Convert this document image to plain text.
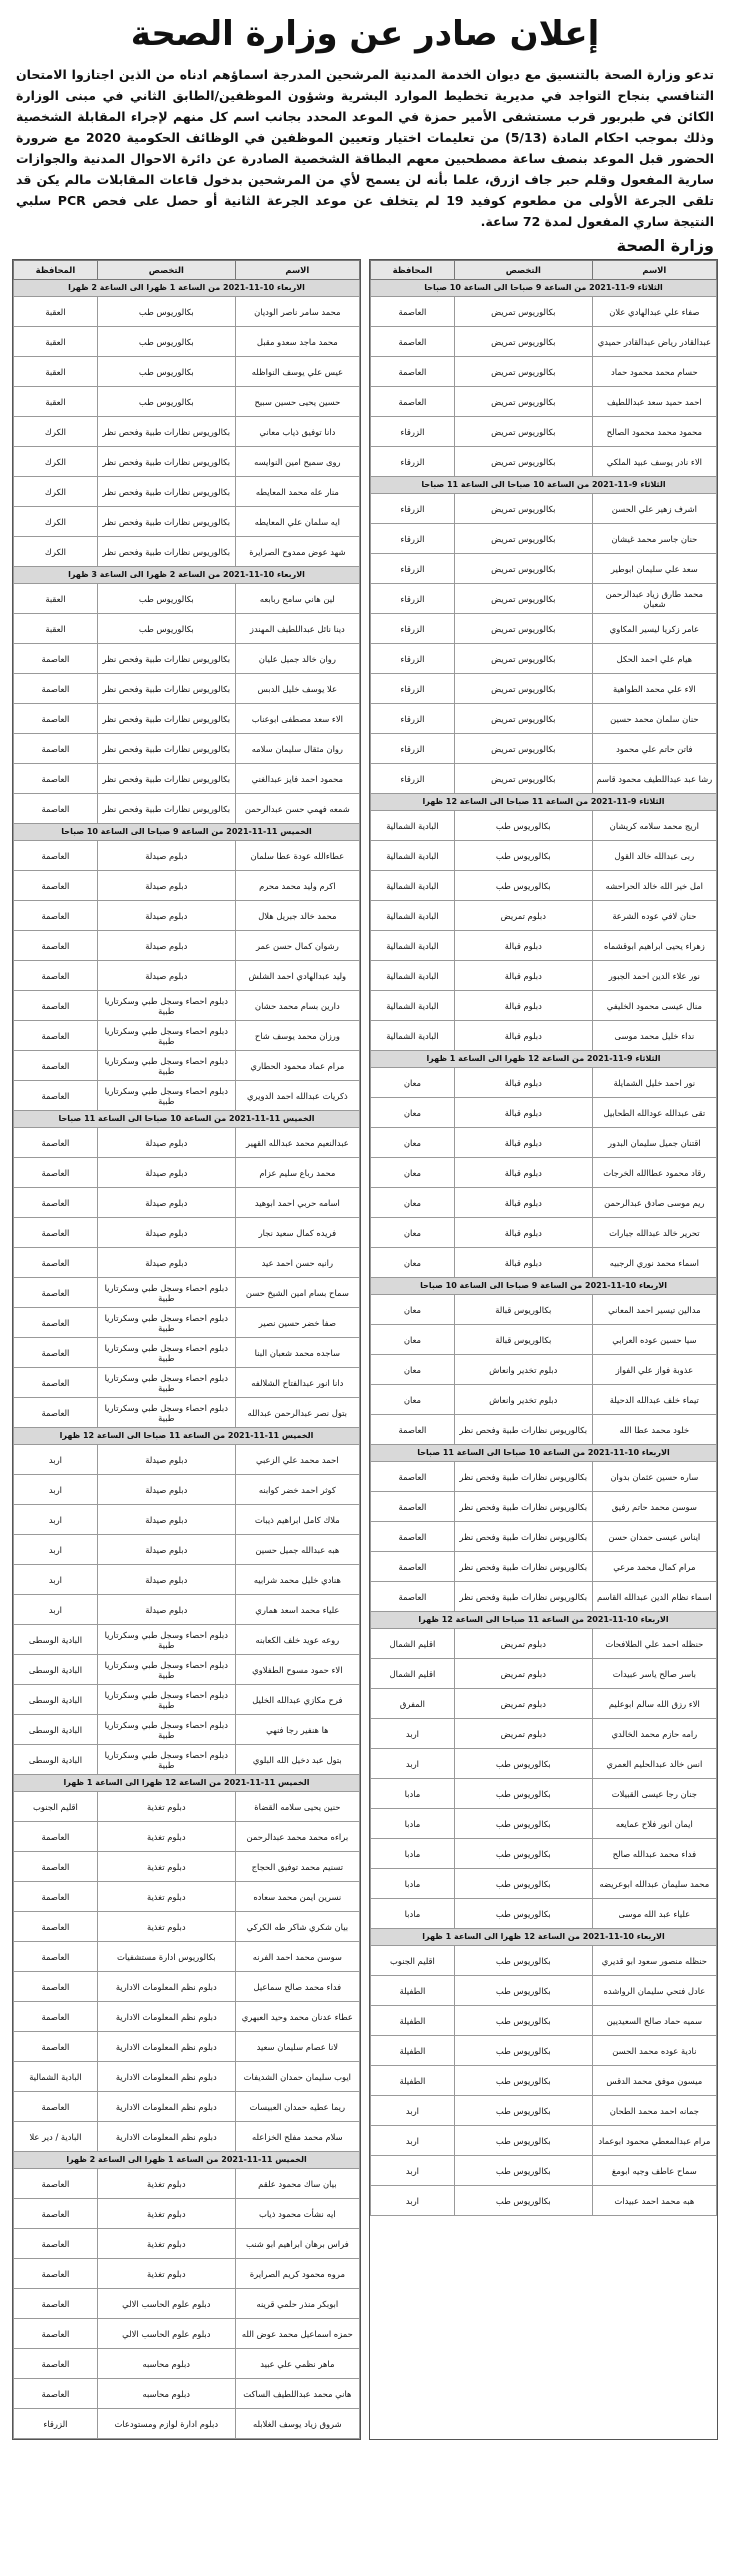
إعلان صادر عن وزارة الصحة
تدعو وزارة الصحة بالتنسيق مع ديوان الخدمة المدنية المرشحين المدرجة اسماؤهم ادناه من الذين اجتازوا الامتحان التنافسي بنجاح التواجد في مديرية تخطيط الموارد البشرية وشؤون الموظفين/الطابق الثاني في مبنى الوزارة الكائن في طبربور قرب مستشفى الأمير حمزة في الموعد المحدد بجانب اسم كل منهم لإجراء المقابلة الشخصية وذلك بموجب احكام المادة (5/13) من تعليمات اختيار وتعيين الموظفين في الوظائف الحكومية 2020 مع ضرورة الحضور قبل الموعد بنصف ساعة مصطحبين معهم البطاقة الشخصية الصادرة عن دائرة الاحوال المدنية والجوازات سارية المفعول وقلم حبر جاف ازرق، علما بأنه لن يسمح لأي من المرشحين بدخول قاعات المقابلات مالم يكن قد تلقى الجرعة الأولى من مطعوم كوفيد 19 لم يتخلف عن موعد الجرعة الثانية أو حصل على فحص PCR سلبي النتيجة ساري المفعول لمدة 72 ساعة.
وزارة الصحة
الاسم	التخصص	المحافظة
الثلاثاء 9-11-2021 من الساعة 9 صباحا الى الساعة 10 صباحا		
صفاء علي عبدالهادي علان	بكالوريوس تمريض	العاصمة
عبدالقادر رياض عبدالقادر حميدي	بكالوريوس تمريض	العاصمة
حسام محمد محمود حماد	بكالوريوس تمريض	العاصمة
احمد حميد سعد عبداللطيف	بكالوريوس تمريض	العاصمة
محمود محمد محمود الصالح	بكالوريوس تمريض	الزرقاء
الاء نادر يوسف عبيد الملكي	بكالوريوس تمريض	الزرقاء
الثلاثاء 9-11-2021 من الساعة 10 صباحا الى الساعة 11 صباحا		
اشرف زهير علي الحسن	بكالوريوس تمريض	الزرقاء
حنان جاسر محمد غيشان	بكالوريوس تمريض	الزرقاء
سعد علي سليمان ابوطير	بكالوريوس تمريض	الزرقاء
محمد طارق زياد عبدالرحمن شعبان	بكالوريوس تمريض	الزرقاء
عامر زكريا ليسير المكاوي	بكالوريوس تمريض	الزرقاء
هيام علي احمد الحكل	بكالوريوس تمريض	الزرقاء
الاء علي محمد الطواهية	بكالوريوس تمريض	الزرقاء
حنان سلمان محمد حسين	بكالوريوس تمريض	الزرقاء
فاتن حاتم علي محمود	بكالوريوس تمريض	الزرقاء
رشا عبد عبداللطيف محمود قاسم	بكالوريوس تمريض	الزرقاء
الثلاثاء 9-11-2021 من الساعة 11 صباحا الى الساعة 12 ظهرا		
اريج محمد سلامه كريشان	بكالوريوس طب	البادية الشمالية
ربى عبدالله خالد القول	بكالوريوس طب	البادية الشمالية
امل خير الله خالد الحراحشه	بكالوريوس طب	البادية الشمالية
حنان لافي عوده الشرعة	دبلوم تمريض	البادية الشمالية
زهراء يحيى ابراهيم ابوقشماه	دبلوم قبالة	البادية الشمالية
نور علاء الدين احمد الجبور	دبلوم قبالة	البادية الشمالية
منال عيسى محمود الخليفي	دبلوم قبالة	البادية الشمالية
نداء خليل محمد موسى	دبلوم قبالة	البادية الشمالية
الثلاثاء 9-11-2021 من الساعة 12 ظهرا الى الساعة 1 ظهرا		
نور احمد خليل الشمايلة	دبلوم قبالة	معان
تقى عبدالله عودالله الطحابيل	دبلوم قبالة	معان
اقتنان جميل سليمان البدور	دبلوم قبالة	معان
رقاد محمود عطاالله الخرجات	دبلوم قبالة	معان
ريم موسى صادق عبدالرحمن	دبلوم قبالة	معان
تحرير خالد عبدالله جبارات	دبلوم قبالة	معان
اسماء محمد نوري الرجبيه	دبلوم قبالة	معان
الاربعاء 10-11-2021 من الساعة 9 صباحا الى الساعة 10 صباحا		
مدالين تيسير احمد المعاني	بكالوريوس قبالة	معان
سيا حسين عوده العرابي	بكالوريوس قبالة	معان
عذوبة فواز علي الفواز	دبلوم تخدير وانعاش	معان
تيماء خلف عبدالله الدحيلة	دبلوم تخدير وانعاش	معان
خلود محمد عطا الله	بكالوريوس نظارات طبية وفحص نظر	العاصمة
الاربعاء 10-11-2021 من الساعة 10 صباحا الى الساعة 11 صباحا		
ساره حسين عثمان بدوان	بكالوريوس نظارات طبية وفحص نظر	العاصمة
سوسن محمد حاتم رفيق	بكالوريوس نظارات طبية وفحص نظر	العاصمة
ايناس عيسى حمدان حسن	بكالوريوس نظارات طبية وفحص نظر	العاصمة
مرام كمال محمد مرعي	بكالوريوس نظارات طبية وفحص نظر	العاصمة
اسماء نظام الدين عبدالله القاسم	بكالوريوس نظارات طبية وفحص نظر	العاصمة
الاربعاء 10-11-2021 من الساعة 11 صباحا الى الساعة 12 ظهرا		
حنظله احمد علي الطلافحات	دبلوم تمريض	اقليم الشمال
باسر صالح ياسر عبيدات	دبلوم تمريض	اقليم الشمال
الاء رزق الله سالم ابوعليم	دبلوم تمريض	المفرق
رامه حازم محمد الخالدي	دبلوم تمريض	اربد
انس خالد عبدالحليم العمري	بكالوريوس طب	اربد
جنان رجا عيسى القبيلات	بكالوريوس طب	مادبا
ايمان انور فلاح عمايعه	بكالوريوس طب	مادبا
فداء محمد عبدالله صالح	بكالوريوس طب	مادبا
محمد سليمان عبدالله ابوعريضه	بكالوريوس طب	مادبا
علياء عبد الله موسى	بكالوريوس طب	مادبا
الاربعاء 10-11-2021 من الساعة 12 ظهرا الى الساعة 1 ظهرا		
حنظله منصور سعود ابو قديري	بكالوريوس طب	اقليم الجنوب
عادل فتحي سليمان الرواشده	بكالوريوس طب	الطفيلة
سميه حماد صالح السعيديين	بكالوريوس طب	الطفيلة
نادية عوده محمد الحسن	بكالوريوس طب	الطفيلة
ميسون موفق محمد الدقس	بكالوريوس طب	الطفيلة
جمانه احمد محمد الطحان	بكالوريوس طب	اربد
مرام عبدالمعطي محمود ابوعماد	بكالوريوس طب	اربد
سماح عاطف وجيه ابومغ	بكالوريوس طب	اربد
هبه محمد احمد عبيدات	بكالوريوس طب	اربد
الاسم	التخصص	المحافظة
الاربعاء 10-11-2021 من الساعة 1 ظهرا الى الساعة 2 ظهرا		
محمد سامر ناصر الوديان	بكالوريوس طب	العقبة
محمد ماجد سعدو مقبل	بكالوريوس طب	العقبة
عيس علي يوسف النواظله	بكالوريوس طب	العقبة
حسين يحيى حسين سبيح	بكالوريوس طب	العقبة
دانا توفيق ذياب معاني	بكالوريوس نظارات طبية وفحص نظر	الكرك
روى سميح امين النوايسه	بكالوريوس نظارات طبية وفحص نظر	الكرك
منار عله محمد المعايطه	بكالوريوس نظارات طبية وفحص نظر	الكرك
ايه سلمان علي المعايطه	بكالوريوس نظارات طبية وفحص نظر	الكرك
شهد عوض ممدوح الصرايرة	بكالوريوس نظارات طبية وفحص نظر	الكرك
الاربعاء 10-11-2021 من الساعة 2 ظهرا الى الساعة 3 ظهرا		
لين هاني سامح ربابعه	بكالوريوس طب	العقبة
دينا نائل عبداللطيف المهندز	بكالوريوس طب	العقبة
روان خالد جميل عليان	بكالوريوس نظارات طبية وفحص نظر	العاصمة
علا يوسف خليل الدبس	بكالوريوس نظارات طبية وفحص نظر	العاصمة
الاء سعد مصطفى ابوعناب	بكالوريوس نظارات طبية وفحص نظر	العاصمة
روان مثقال سليمان سلامه	بكالوريوس نظارات طبية وفحص نظر	العاصمة
محمود احمد فايز عبدالغني	بكالوريوس نظارات طبية وفحص نظر	العاصمة
شمعه فهمي حسن عبدالرحمن	بكالوريوس نظارات طبية وفحص نظر	العاصمة
الخميس 11-11-2021 من الساعة 9 صباحا الى الساعة 10 صباحا		
عطاءالله عودة عطا سلمان	دبلوم صيدلة	العاصمة
اكرم وليد محمد محرم	دبلوم صيدلة	العاصمة
محمد خالد جبريل هلال	دبلوم صيدلة	العاصمة
رشوان كمال حسن عمر	دبلوم صيدلة	العاصمة
وليد عبدالهادي احمد الشلش	دبلوم صيدلة	العاصمة
دارين بسام محمد حشان	دبلوم احصاء وسجل طبي وسكرتاريا طبية	العاصمة
ورزان محمد يوسف شاح	دبلوم احصاء وسجل طبي وسكرتاريا طبية	العاصمة
مرام عماد محمود الحطاري	دبلوم احصاء وسجل طبي وسكرتاريا طبية	العاصمة
ذكريات عبدالله احمد الدويري	دبلوم احصاء وسجل طبي وسكرتاريا طبية	العاصمة
الخميس 11-11-2021 من الساعة 10 صباحا الى الساعة 11 صباحا		
عبدالنعيم محمد عبدالله القهير	دبلوم صيدلة	العاصمة
محمد رباع سليم عزام	دبلوم صيدلة	العاصمة
اسامه حربي احمد ابوهيد	دبلوم صيدلة	العاصمة
فريده كمال سعيد نجار	دبلوم صيدلة	العاصمة
رانيه حسن احمد عيد	دبلوم صيدلة	العاصمة
سماح بسام امين الشيخ حسن	دبلوم احصاء وسجل طبي وسكرتاريا طبية	العاصمة
صفا خضر حسين نصير	دبلوم احصاء وسجل طبي وسكرتاريا طبية	العاصمة
ساجده محمد شعبان البنا	دبلوم احصاء وسجل طبي وسكرتاريا طبية	العاصمة
دانا انور عبدالفتاح الشلالفه	دبلوم احصاء وسجل طبي وسكرتاريا طبية	العاصمة
بتول نصر عبدالرحمن عبدالله	دبلوم احصاء وسجل طبي وسكرتاريا طبية	العاصمة
الخميس 11-11-2021 من الساعة 11 صباحا الى الساعة 12 ظهرا		
احمد محمد علي الزعبي	دبلوم صيدلة	اربد
كوثر احمد خضر كوابنه	دبلوم صيدلة	اربد
ملاك كامل ابراهيم ذيبات	دبلوم صيدلة	اربد
هبه عبدالله جميل حسين	دبلوم صيدلة	اربد
هنادي خليل محمد شرابيه	دبلوم صيدلة	اربد
علياء محمد اسعد هماري	دبلوم صيدلة	اربد
روعه عويد خلف الكعابنه	دبلوم احصاء وسجل طبي وسكرتاريا طبية	البادية الوسطى
الاء حمود مسوح الطفلاوي	دبلوم احصاء وسجل طبي وسكرتاريا طبية	البادية الوسطى
فرح مكازي عبدالله الخليل	دبلوم احصاء وسجل طبي وسكرتاريا طبية	البادية الوسطى
ها هنفير رجا فنهي	دبلوم احصاء وسجل طبي وسكرتاريا طبية	البادية الوسطى
بتول عبد دخيل الله البلوي	دبلوم احصاء وسجل طبي وسكرتاريا طبية	البادية الوسطى
الخميس 11-11-2021 من الساعة 12 ظهرا الى الساعة 1 ظهرا		
حنين يحيى سلامه القضاة	دبلوم تغذية	اقليم الجنوب
براءه محمد محمد عبدالرحمن	دبلوم تغذية	العاصمة
تسنيم محمد توفيق الحجاج	دبلوم تغذية	العاصمة
نسرين ايمن محمد سعاده	دبلوم تغذية	العاصمة
بيان شكري شاكر طه الكركي	دبلوم تغذية	العاصمة
سوسن محمد احمد الفرنه	بكالوريوس ادارة مستشفيات	العاصمة
فداء محمد صالح سماعيل	دبلوم نظم المعلومات الادارية	العاصمة
عطاء عدنان محمد وحيد العبهري	دبلوم نظم المعلومات الادارية	العاصمة
لانا عصام سليمان سعيد	دبلوم نظم المعلومات الادارية	العاصمة
ايوب سليمان حمدان الشديفات	دبلوم نظم المعلومات الادارية	البادية الشمالية
ريما عطيه حمدان العبيسات	دبلوم نظم المعلومات الادارية	العاصمة
سلام محمد مفلح الخزاعله	دبلوم نظم المعلومات الادارية	البادية / دير علا
الخميس 11-11-2021 من الساعة 1 ظهرا الى الساعة 2 ظهرا		
بيان ساك محمود علقم	دبلوم تغذية	العاصمة
ايه نشأت محمود ذياب	دبلوم تغذية	العاصمة
فراس برهان ابراهيم ابو شنب	دبلوم تغذية	العاصمة
مروه محمود كريم الصرايرة	دبلوم تغذية	العاصمة
ابوبكر منذر حلمي قرينه	دبلوم علوم الحاسب الالي	العاصمة
حمزه اسماعيل محمد عوض الله	دبلوم علوم الحاسب الالي	العاصمة
ماهر نظمي علي عبيد	دبلوم محاسبه	العاصمة
هاني محمد عبداللطيف الساكت	دبلوم محاسبه	العاصمة
شروق زياد يوسف الغلابله	دبلوم ادارة لوازم ومستودعات	الزرقاء
